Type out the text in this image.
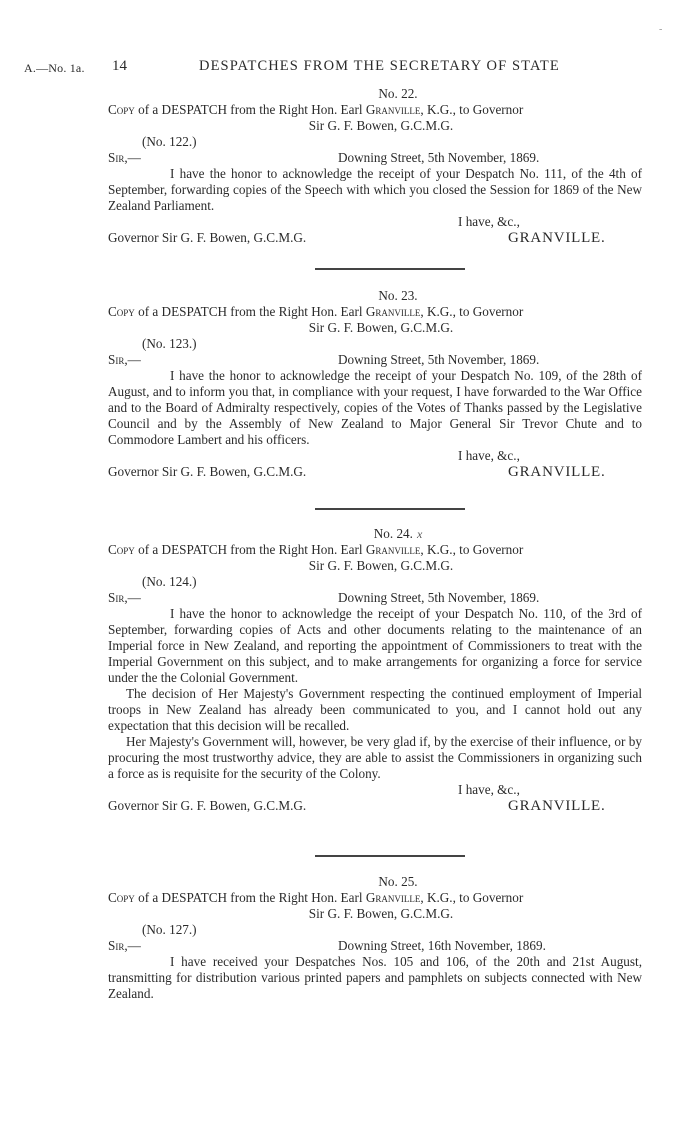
-
A.—No. 1a. 14	DESPATCHES FROM THE SECRETARY OF STATE
No. 22.
Copy of a DESPATCH from the Right Hon. Earl Granville, K.G., to Governor
Sir G. F. Bowen, G.C.M.G.
(No. 122.)
Sir,—	Downing Street, 5th November, 1869.
I have the honor to acknowledge the receipt of your Despatch No. 111, of the 4th of September, forwarding copies of the Speech with which you closed the Session for 1869 of the New Zealand Parliament.
I have, &c.,
Governor Sir G. F. Bowen, G.C.M.G.	GRANVILLE.
No. 23.
Copy of a DESPATCH from the Right Hon. Earl Granville, K.G., to Governor
Sir G. F. Bowen, G.C.M.G.
(No. 123.)
Sir,—	Downing Street, 5th November, 1869.
I have the honor to acknowledge the receipt of your Despatch No. 109, of the 28th of August, and to inform you that, in compliance with your request, I have forwarded to the War Office and to the Board of Admiralty respectively, copies of the Votes of Thanks passed by the Legislative Council and by the Assembly of New Zealand to Major General Sir Trevor Chute and to Commodore Lambert and his officers.
I have, &c.,
Governor Sir G. F. Bowen, G.C.M.G.	GRANVILLE.
No. 24. x
Copy of a DESPATCH from the Right Hon. Earl Granville, K.G., to Governor
Sir G. F. Bowen, G.C.M.G.
(No. 124.)
Sir,—	Downing Street, 5th November, 1869.
I have the honor to acknowledge the receipt of your Despatch No. 110, of the 3rd of September, forwarding copies of Acts and other documents relating to the maintenance of an Imperial force in New Zealand, and reporting the appointment of Commissioners to treat with the Imperial Government on this subject, and to make arrangements for organizing a force for service under the the Colonial Government.
The decision of Her Majesty's Government respecting the continued employment of Imperial troops in New Zealand has already been communicated to you, and I cannot hold out any expectation that this decision will be recalled.
Her Majesty's Government will, however, be very glad if, by the exercise of their influence, or by procuring the most trustworthy advice, they are able to assist the Commissioners in organizing such a force as is requisite for the security of the Colony.
I have, &c.,
Governor Sir G. F. Bowen, G.C.M.G.	GRANVILLE.
No. 25.
Copy of a DESPATCH from the Right Hon. Earl Granville, K.G., to Governor
Sir G. F. Bowen, G.C.M.G.
(No. 127.)
Sir,—	Downing Street, 16th November, 1869.
I have received your Despatches Nos. 105 and 106, of the 20th and 21st August, transmitting for distribution various printed papers and pamphlets on subjects connected with New Zealand.
